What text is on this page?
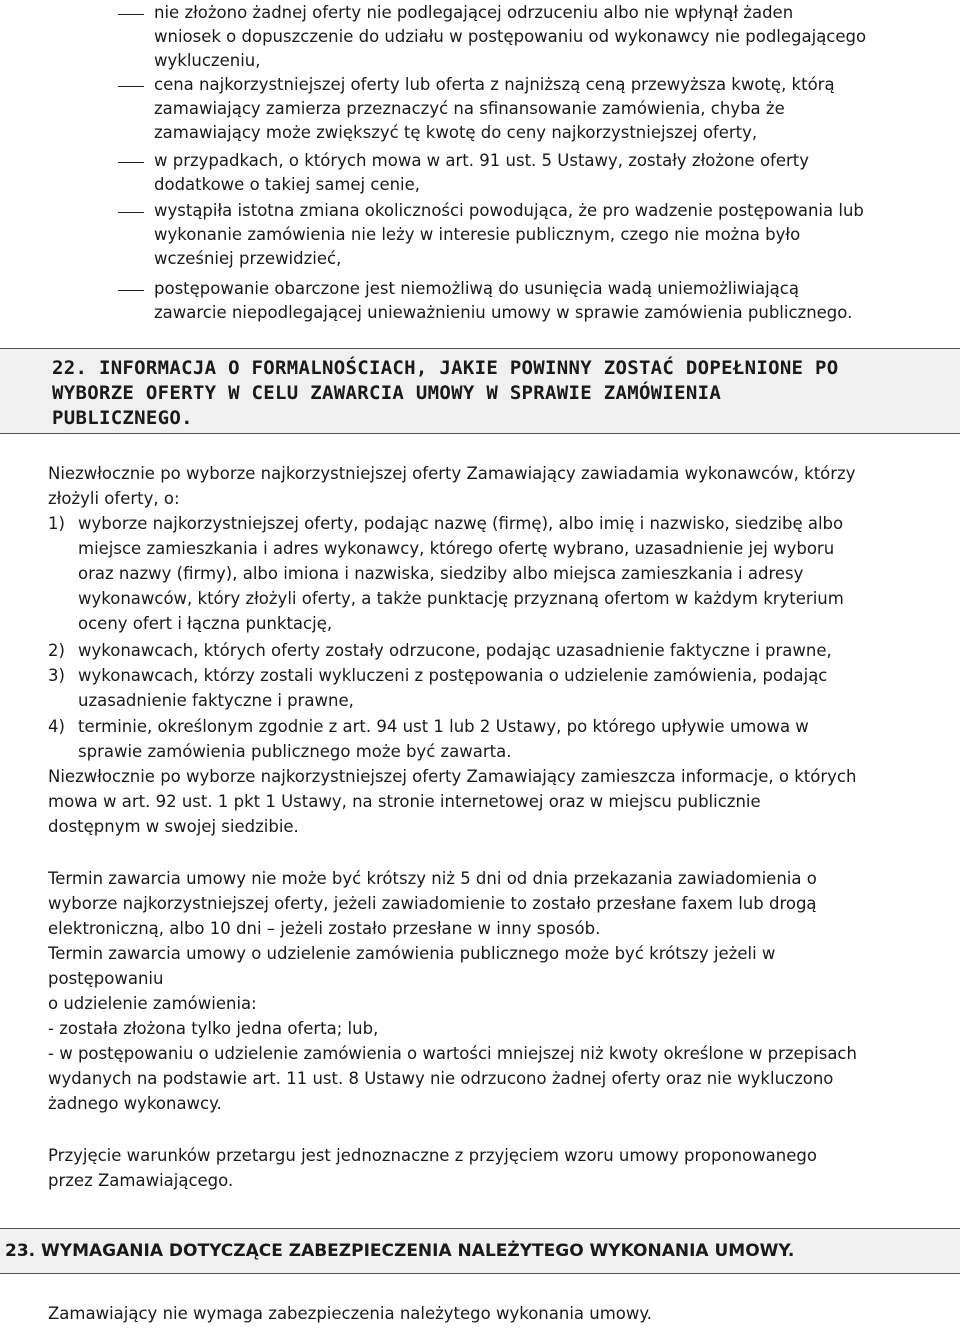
nie złożono żadnej oferty nie podlegającej odrzuceniu albo nie wpłynął żaden
wniosek o dopuszczenie do udziału w postępowaniu od wykonawcy nie podlegającego
wykluczeniu,
cena najkorzystniejszej oferty lub oferta z najniższą ceną przewyższa kwotę, którą
zamawiający zamierza przeznaczyć na sfinansowanie zamówienia, chyba że
zamawiający może zwiększyć tę kwotę do ceny najkorzystniejszej oferty,
w przypadkach, o których mowa w art. 91 ust. 5 Ustawy, zostały złożone oferty
dodatkowe o takiej samej cenie,
wystąpiła istotna zmiana okoliczności powodująca, że pro wadzenie postępowania lub
wykonanie zamówienia nie leży w interesie publicznym, czego nie można było
wcześniej przewidzieć,
postępowanie obarczone jest niemożliwą do usunięcia wadą uniemożliwiającą
zawarcie niepodlegającej unieważnieniu umowy w sprawie zamówienia publicznego.
22. INFORMACJA O FORMALNOŚCIACH, JAKIE POWINNY ZOSTAĆ DOPEŁNIONE PO
WYBORZE OFERTY W CELU ZAWARCIA UMOWY W SPRAWIE ZAMÓWIENIA
PUBLICZNEGO.
Niezwłocznie po wyborze najkorzystniejszej oferty Zamawiający zawiadamia wykonawców, którzy
złożyli oferty, o:
1) wyborze najkorzystniejszej oferty, podając nazwę (firmę), albo imię i nazwisko, siedzibę albo
miejsce zamieszkania i adres wykonawcy, którego ofertę wybrano, uzasadnienie jej wyboru
oraz nazwy (firmy), albo imiona i nazwiska, siedziby albo miejsca zamieszkania i adresy
wykonawców, który złożyli oferty, a także punktację przyznaną ofertom w każdym kryterium
oceny ofert i łączna punktację,
2) wykonawcach, których oferty zostały odrzucone, podając uzasadnienie faktyczne i prawne,
3) wykonawcach, którzy zostali wykluczeni z postępowania o udzielenie zamówienia, podając
uzasadnienie faktyczne i prawne,
4) terminie, określonym zgodnie z art. 94 ust 1 lub 2 Ustawy, po którego upływie umowa w
sprawie zamówienia publicznego może być zawarta.
Niezwłocznie po wyborze najkorzystniejszej oferty Zamawiający zamieszcza informacje, o których
mowa w art. 92 ust. 1 pkt 1 Ustawy, na stronie internetowej oraz w miejscu publicznie
dostępnym w swojej siedzibie.
Termin zawarcia umowy nie może być krótszy niż 5 dni od dnia przekazania zawiadomienia o
wyborze najkorzystniejszej oferty, jeżeli zawiadomienie to zostało przesłane faxem lub drogą
elektroniczną, albo 10 dni – jeżeli zostało przesłane w inny sposób.
Termin zawarcia umowy o udzielenie zamówienia publicznego może być krótszy jeżeli w
postępowaniu
o udzielenie zamówienia:
- została złożona tylko jedna oferta; lub,
- w postępowaniu o udzielenie zamówienia o wartości mniejszej niż kwoty określone w przepisach
wydanych na podstawie art. 11 ust. 8 Ustawy nie odrzucono żadnej oferty oraz nie wykluczono
żadnego wykonawcy.
Przyjęcie warunków przetargu jest jednoznaczne z przyjęciem wzoru umowy proponowanego
przez Zamawiającego.
23. WYMAGANIA DOTYCZĄCE ZABEZPIECZENIA NALEŻYTEGO WYKONANIA UMOWY.
Zamawiający nie wymaga zabezpieczenia należytego wykonania umowy.
